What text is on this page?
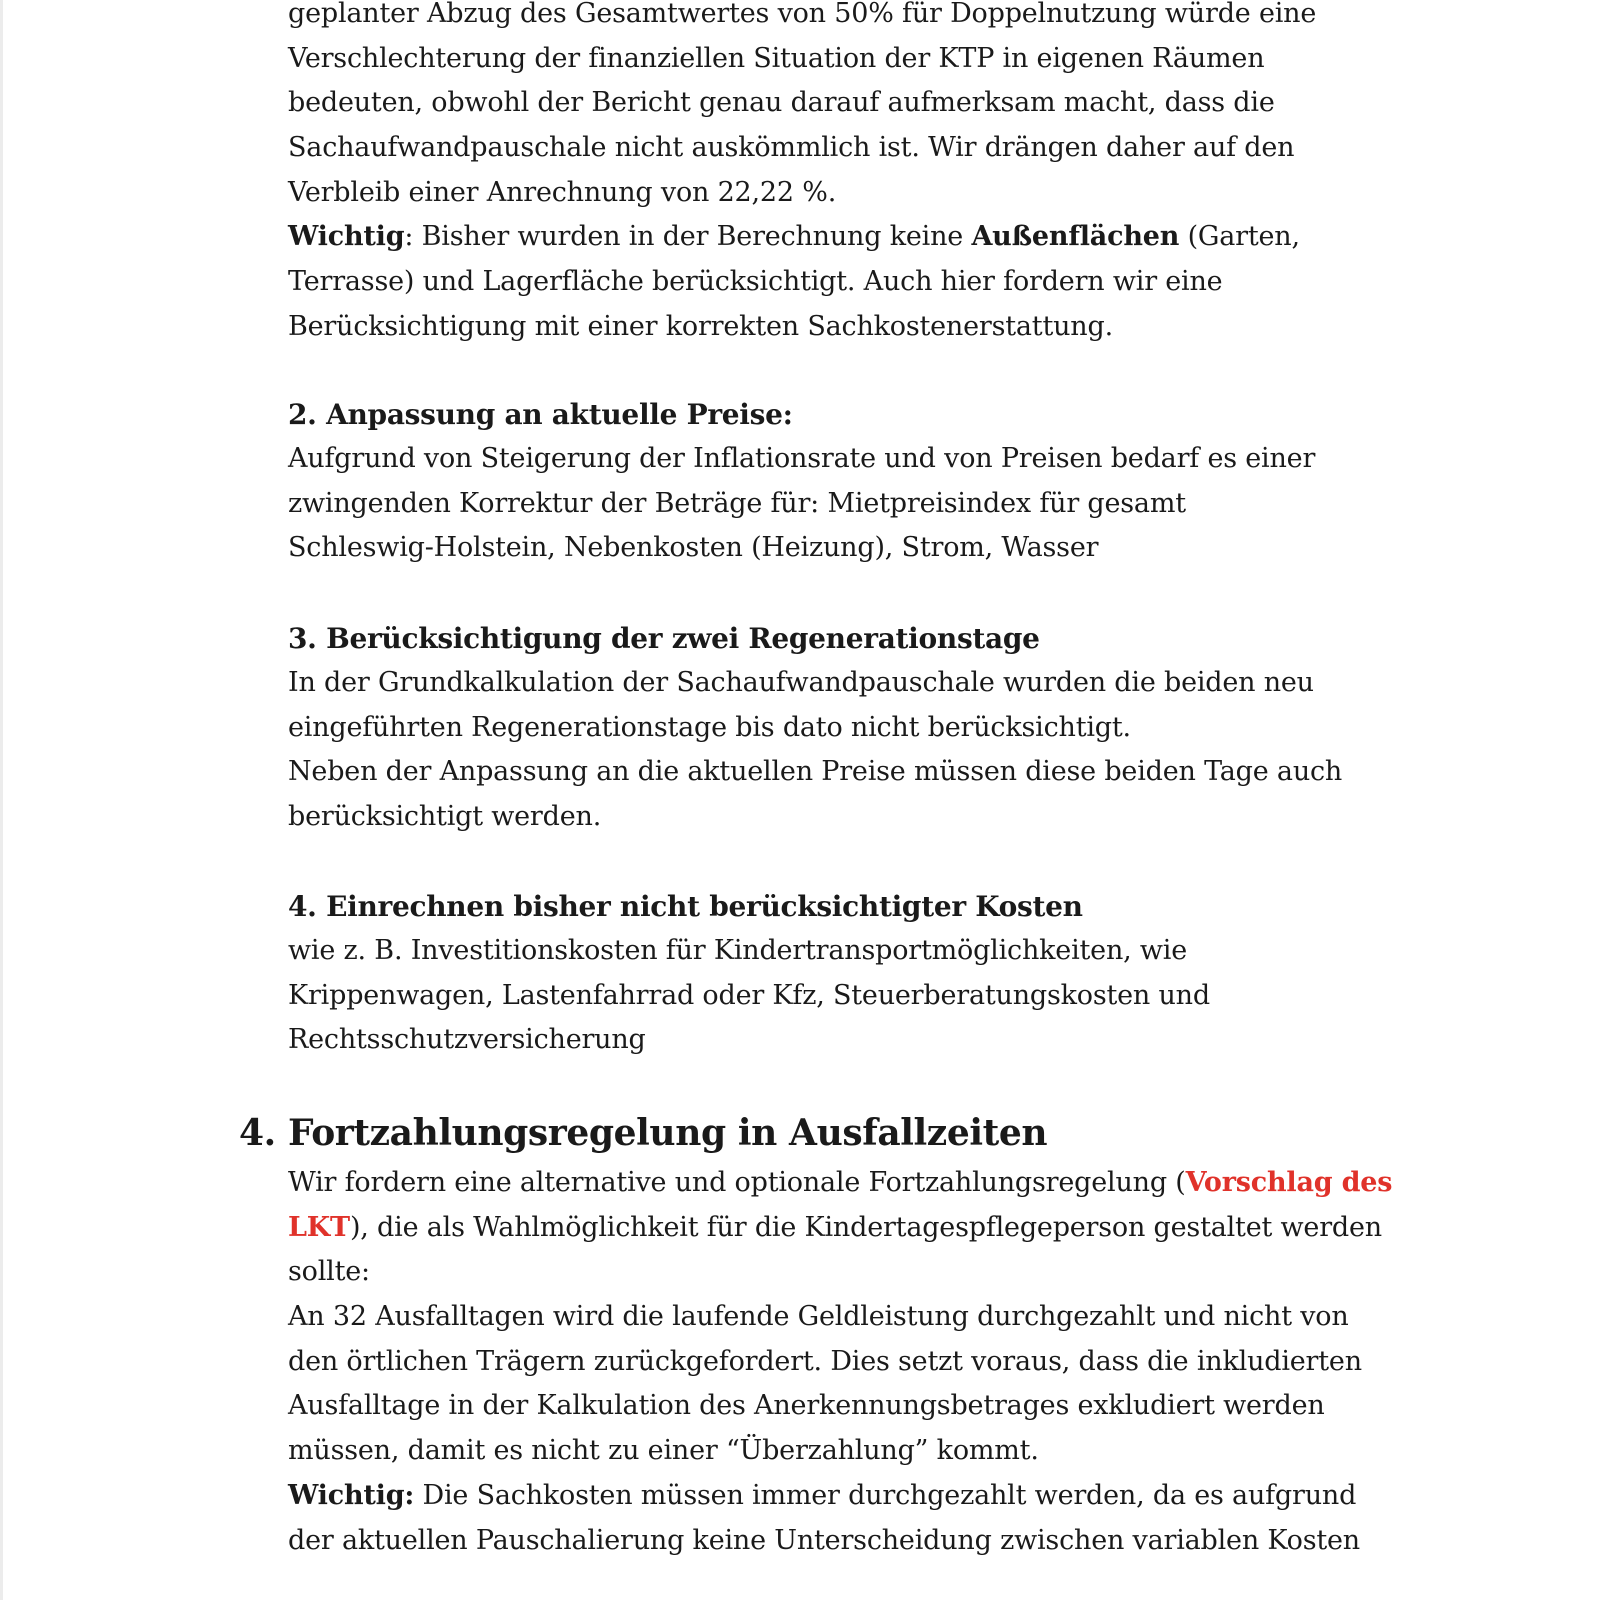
geplanter Abzug des Gesamtwertes von 50% für Doppelnutzung würde eine
Verschlechterung der finanziellen Situation der KTP in eigenen Räumen
bedeuten, obwohl der Bericht genau darauf aufmerksam macht, dass die
Sachaufwandpauschale nicht auskömmlich ist. Wir drängen daher auf den
Verbleib einer Anrechnung von 22,22 %.
Wichtig: Bisher wurden in der Berechnung keine Außenflächen (Garten,
Terrasse) und Lagerfläche berücksichtigt. Auch hier fordern wir eine
Berücksichtigung mit einer korrekten Sachkostenerstattung.
2. Anpassung an aktuelle Preise:
Aufgrund von Steigerung der Inflationsrate und von Preisen bedarf es einer
zwingenden Korrektur der Beträge für: Mietpreisindex für gesamt
Schleswig-Holstein, Nebenkosten (Heizung), Strom, Wasser
3. Berücksichtigung der zwei Regenerationstage
In der Grundkalkulation der Sachaufwandpauschale wurden die beiden neu
eingeführten Regenerationstage bis dato nicht berücksichtigt.
Neben der Anpassung an die aktuellen Preise müssen diese beiden Tage auch
berücksichtigt werden.
4. Einrechnen bisher nicht berücksichtigter Kosten
wie z. B. Investitionskosten für Kindertransportmöglichkeiten, wie
Krippenwagen, Lastenfahrrad oder Kfz, Steuerberatungskosten und
Rechtsschutzversicherung
4. Fortzahlungsregelung in Ausfallzeiten
Wir fordern eine alternative und optionale Fortzahlungsregelung (Vorschlag des
LKT), die als Wahlmöglichkeit für die Kindertagespflegeperson gestaltet werden
sollte:
An 32 Ausfalltagen wird die laufende Geldleistung durchgezahlt und nicht von
den örtlichen Trägern zurückgefordert. Dies setzt voraus, dass die inkludierten
Ausfalltage in der Kalkulation des Anerkennungsbetrages exkludiert werden
müssen, damit es nicht zu einer “Überzahlung” kommt.
Wichtig: Die Sachkosten müssen immer durchgezahlt werden, da es aufgrund
der aktuellen Pauschalierung keine Unterscheidung zwischen variablen Kosten
